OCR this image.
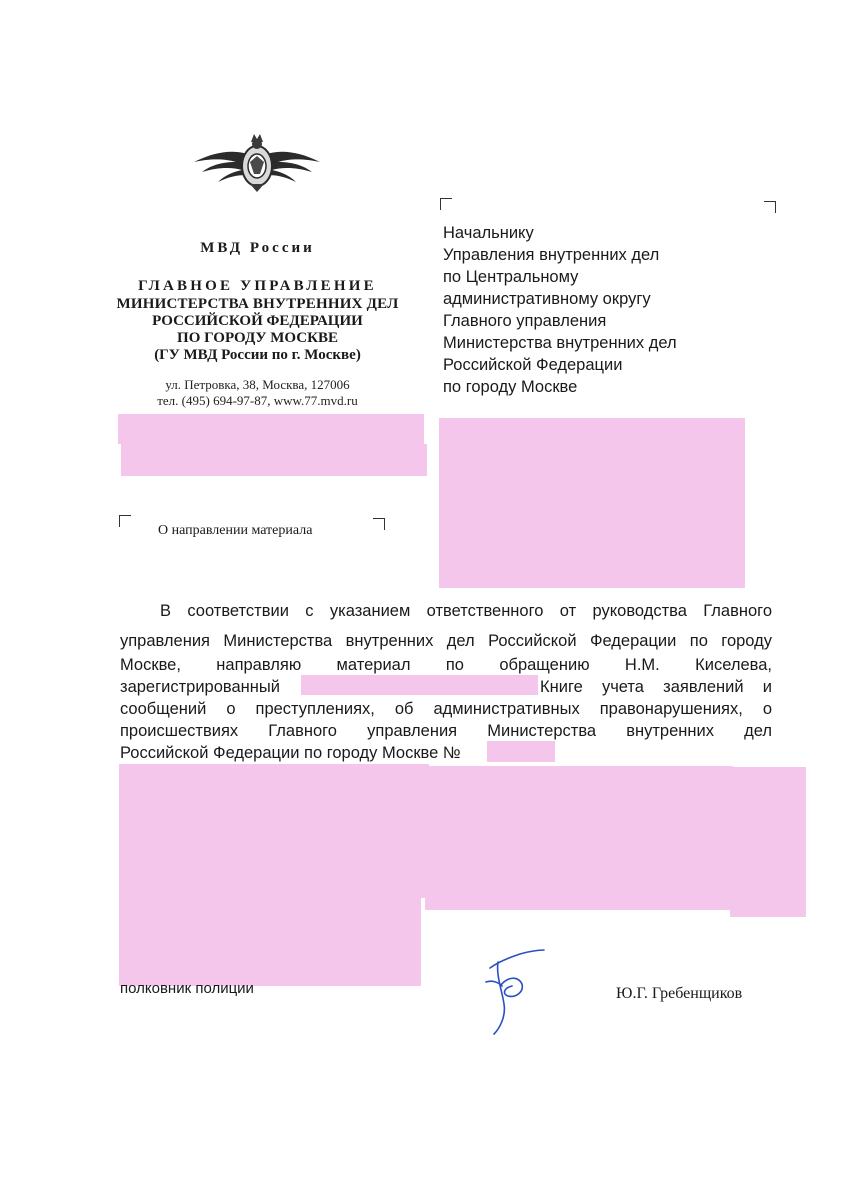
МВД России
ГЛАВНОЕ УПРАВЛЕНИЕ
МИНИСТЕРСТВА ВНУТРЕННИХ ДЕЛ
РОССИЙСКОЙ ФЕДЕРАЦИИ
ПО ГОРОДУ МОСКВЕ
(ГУ МВД России по г. Москве)
ул. Петровка, 38, Москва, 127006
тел. (495) 694-97-87, www.77.mvd.ru
Начальнику
Управления внутренних дел
по Центральному
административному округу
Главного управления
Министерства внутренних дел
Российской Федерации
по городу Москве
О направлении материала
В соответствии с указанием ответственного от руководства Главного
управления Министерства внутренних дел Российской Федерации по городу
Москве, направляю материал по обращению Н.М. Киселева,
зарегистрированный	Книге учета заявлений и
сообщений о преступлениях, об административных правонарушениях, о
происшествиях Главного управления Министерства внутренних дел
Российской Федерации по городу Москве №
полковник полиции	Ю.Г. Гребенщиков
